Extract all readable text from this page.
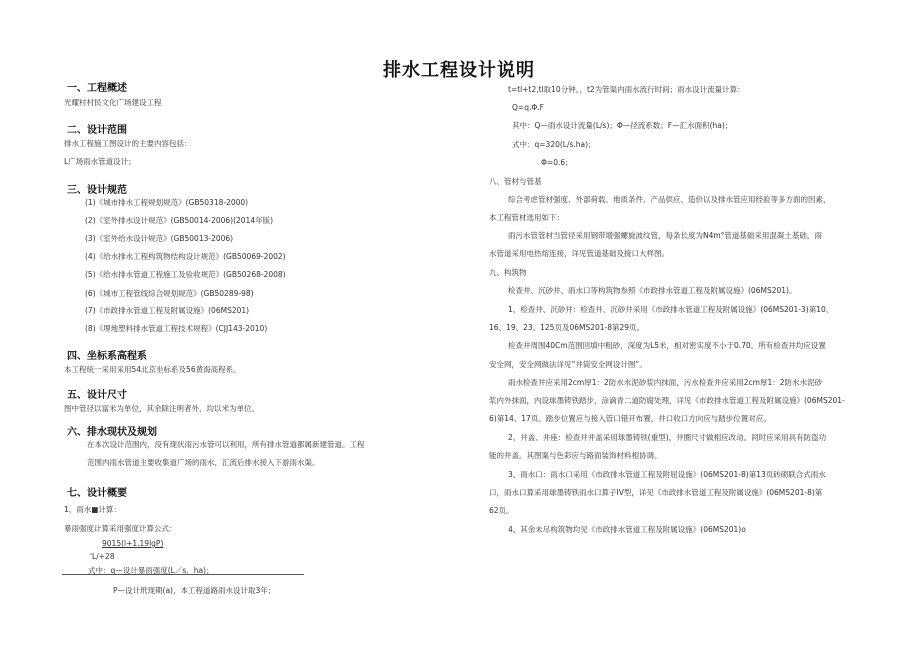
排水工程设计说明
一、工程概述
光耀村村民文化广场建设工程
二、设计范围
排水工程施工图设计的主要内容包括：
L广场雨水管道设计；
三、设计规范
(1)《城市排水工程规划规范》(GB50318-2000)
(2)《室外排水设计规范》(GB50014-2006)(2014年版)
(3)《室外给水设计规范》(GB50013-2006)
(4)《给水排水工程构筑物结构设计规范》(GB50069-2002)
(5)《给水排水管道工程施工及验收规范》(GB50268-2008)
(6)《城市工程管线综合规划规范》(GB50289-98)
(7)《市政排水管道工程及附属设施》(06MS201)
(8)《埋地塑料排水管道工程技术规程》(CJJ143-2010)
四、坐标系高程系
本工程统一采用采用54北京坐标系及56黄海高程系。
五、设计尺寸
图中管径以富米为单位，其余除注明者外，均以米为单位。
六、排水现状及规划
在本次设计范围内，没有现状雨污水管可以利用，所有排水管道都属新建管道。工程
范围内雨水管道主要收集道广场的雨水，汇流后排水接入下游雨水渠。
七、设计概要
1、雨水■计算：
暴雨强度计算采用强度计算公式：
9015(l+1.19lgP)
'L/+28
式中：q—设计暴雨强度(L／s．ha)；
P—设计玳现期(a)，本工程道路雨水设计取3年；
t=tl+t2,tl取10分钟，，t2为管渠内雨水流行时间；雨水设计流量计算：
Q=q.Φ.F
其中：Q—雨水设计流量(L/s)；Φ—径流系数；F—汇水面积(ha)；
式中：q=320(L/s.ha)；
Φ=0.6；
八、管材与管基
综合考虑管材强度、外部荷载、地质条件、产品供应、造价以及排水管应用经验等多方面的因素，
本工程管材选用如下：
雨污水管管材当管径采用钢带增强螺旋波纹管，每条长度为N4m°管道基础采用混凝土基础，雨
水管道采用电热熔连接，详见管道基础及接口大样图。
九、构筑物
检查井、沉砂井、雨水口等构筑物参照《市政排水管道工程及附属设施》(06MS201)。
1、检查井、沉砂井：检查井、沉砂井采用《市政排水管道工程及附属设施》(06MS201-3)第10、
16、19、23、125页及06MS201-8第29页。
检查井周围40Cm范围回填中粗砂，深度为L5米，相对密实度不小于0.70。所有检查井均应设置
安全网，安全网做法详见“井筒安全网设计图”。
雨水检查井应采用2cm厚1：2防水水泥砂浆内抹面，污水检查井应采用2cm厚1：2防水水泥砂
浆内外抹面，内设球墨铸铁踏步，涂滴青二道防腐处理，详见《市政排水管道工程及附属设施》(06MS201-
6)第14、17页。踏步位置应与接入管口错开布置，井口收口方向应与踏步位置对应。
2、井盖、井座：检查井井盖采用球墨铸铁(重型)，井圈尺寸做相应改动。同时应采用具有防盗功
能的井盖。其图案与色彩应与路面装饰材料相协调。
3、雨水口：雨水口采用《市政排水管道工程及附屈设施》(06MS201-8)第13页砖砌联合式雨水
口，雨水口算采用球墨铸铁雨水口算子IV型，详见《市政排水管道工程及附属设施》(06MS201-8)第
62页。
4、其余未尽构筑物均见《市政排水管道工程及附属设施》(06MS201)o
